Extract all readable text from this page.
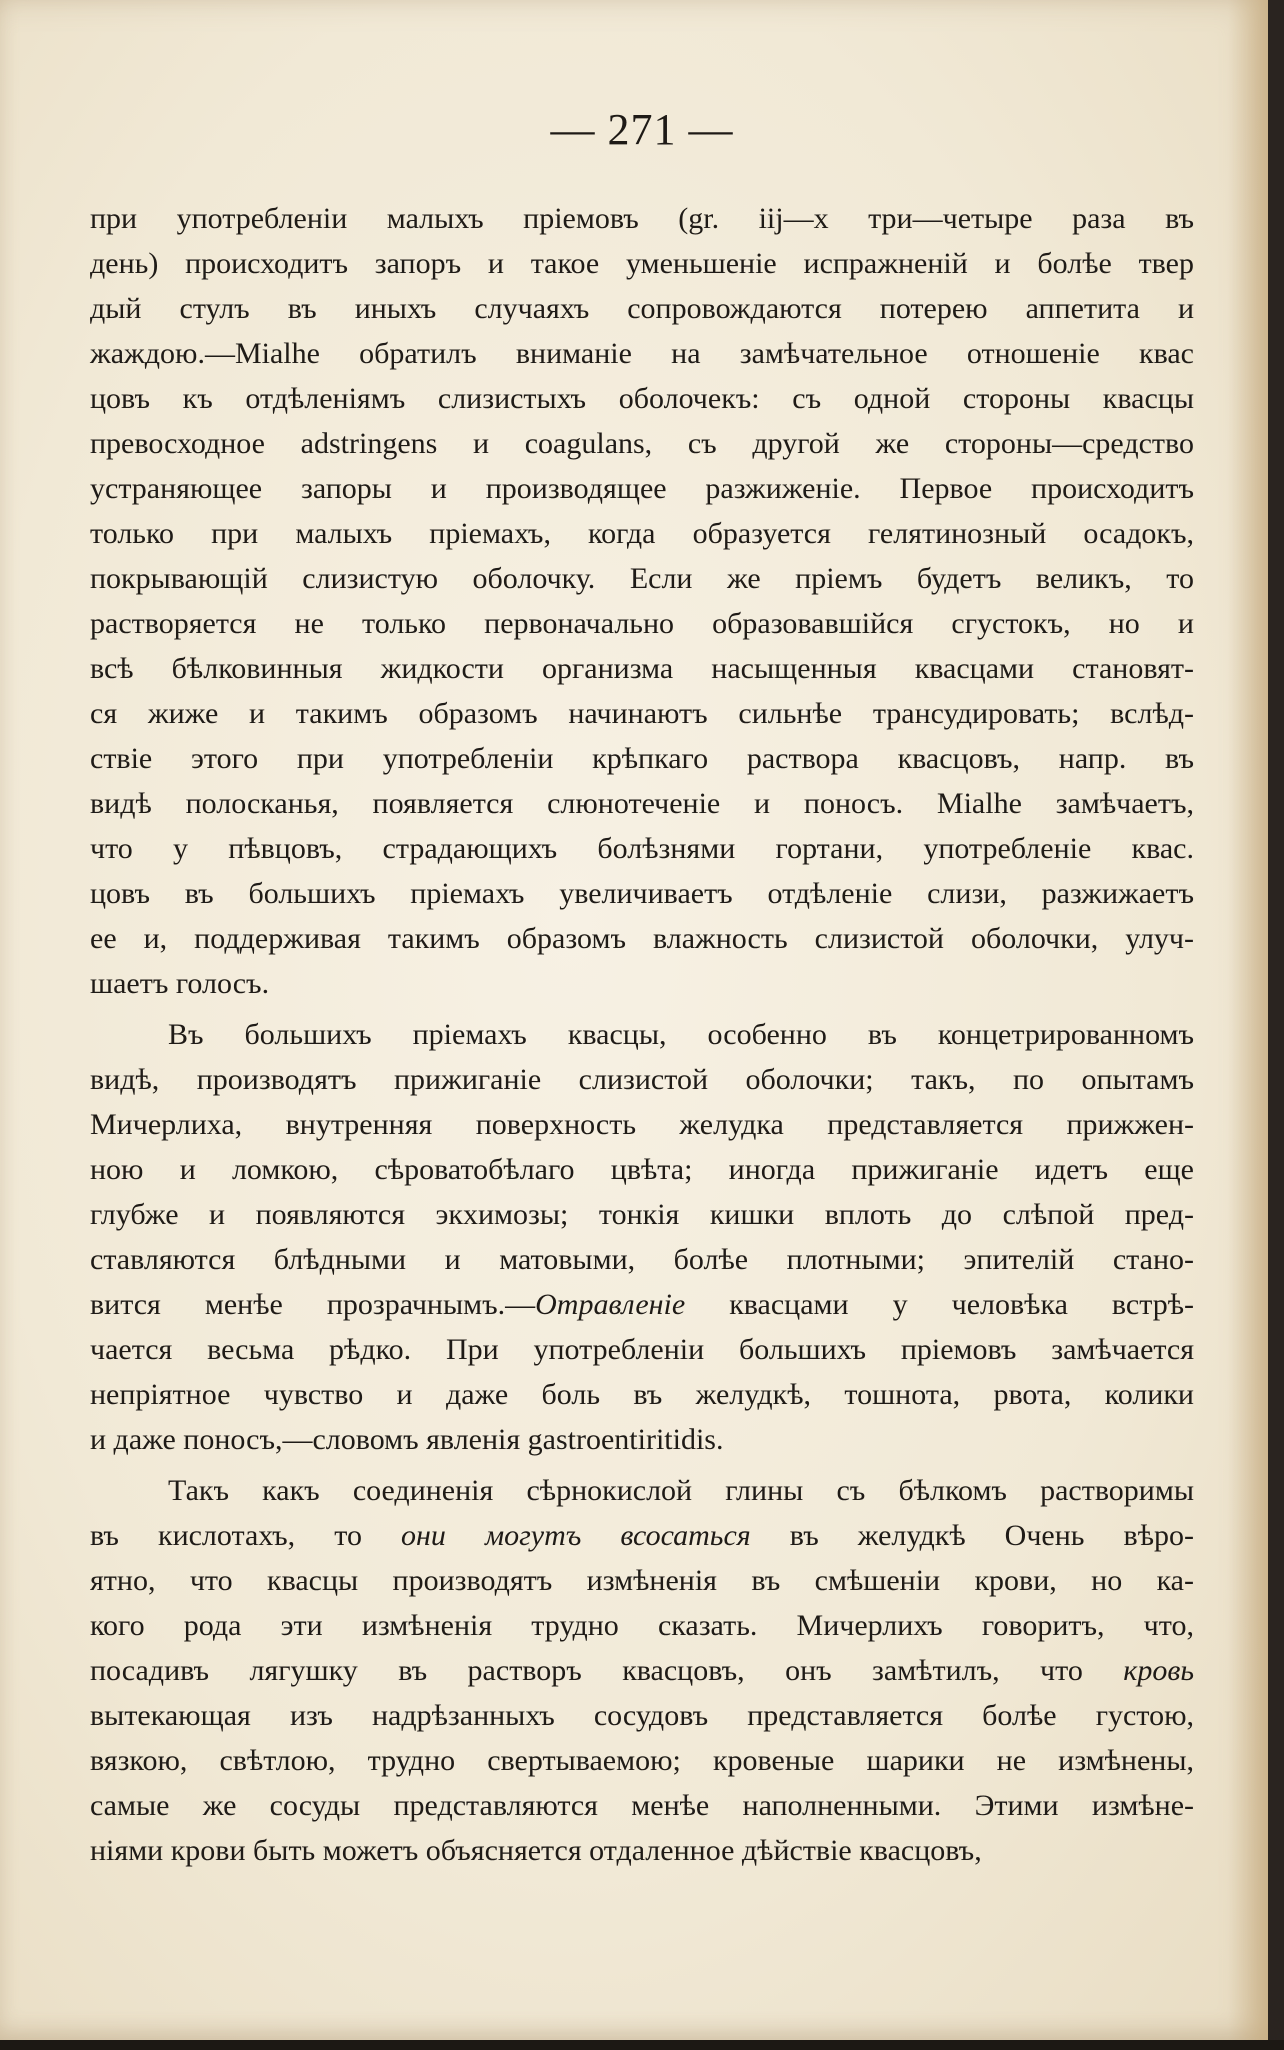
— 271 —
при употребленіи малыхъ пріемовъ (gr. iij—x три—четыре раза въ
день) происходитъ запоръ и такое уменьшеніе испражненій и болѣе твер
дый стулъ въ иныхъ случаяхъ сопровождаются потерею аппетита и
жаждою.—Mialhe обратилъ вниманіе на замѣчательное отношеніе квас
цовъ къ отдѣленіямъ слизистыхъ оболочекъ: съ одной стороны квасцы
превосходное adstringens и coagulans, съ другой же стороны—средство
устраняющее запоры и производящее разжиженіе. Первое происходитъ
только при малыхъ пріемахъ, когда образуется гелятинозный осадокъ,
покрывающій слизистую оболочку. Если же пріемъ будетъ великъ, то
растворяется не только первоначально образовавшійся сгустокъ, но и
всѣ бѣлковинныя жидкости организма насыщенныя квасцами становят-
ся жиже и такимъ образомъ начинаютъ сильнѣе трансудировать; вслѣд-
ствіе этого при употребленіи крѣпкаго раствора квасцовъ, напр. въ
видѣ полосканья, появляется слюнотеченіе и поносъ. Mialhe замѣчаетъ,
что у пѣвцовъ, страдающихъ болѣзнями гортани, употребленіе квас.
цовъ въ большихъ пріемахъ увеличиваетъ отдѣленіе слизи, разжижаетъ
ее и, поддерживая такимъ образомъ влажность слизистой оболочки, улуч-
шаетъ голосъ.
Въ большихъ пріемахъ квасцы, особенно въ концетрированномъ
видѣ, производятъ прижиганіе слизистой оболочки; такъ, по опытамъ
Мичерлиха, внутренняя поверхность желудка представляется прижжен-
ною и ломкою, сѣроватобѣлаго цвѣта; иногда прижиганіе идетъ еще
глубже и появляются экхимозы; тонкія кишки вплоть до слѣпой пред-
ставляются блѣдными и матовыми, болѣе плотными; эпителій стано-
вится менѣе прозрачнымъ.—Отравленіе квасцами у человѣка встрѣ-
чается весьма рѣдко. При употребленіи большихъ пріемовъ замѣчается
непріятное чувство и даже боль въ желудкѣ, тошнота, рвота, колики
и даже поносъ,—словомъ явленія gastroentiritidis.
Такъ какъ соединенія сѣрнокислой глины съ бѣлкомъ растворимы
въ кислотахъ, то они могутъ всосаться въ желудкѣ Очень вѣро-
ятно, что квасцы производятъ измѣненія въ смѣшеніи крови, но ка-
кого рода эти измѣненія трудно сказать. Мичерлихъ говоритъ, что,
посадивъ лягушку въ растворъ квасцовъ, онъ замѣтилъ, что кровь
вытекающая изъ надрѣзанныхъ сосудовъ представляется болѣе густою,
вязкою, свѣтлою, трудно свертываемою; кровеные шарики не измѣнены,
самые же сосуды представляются менѣе наполненными. Этими измѣне-
ніями крови быть можетъ объясняется отдаленное дѣйствіе квасцовъ,
